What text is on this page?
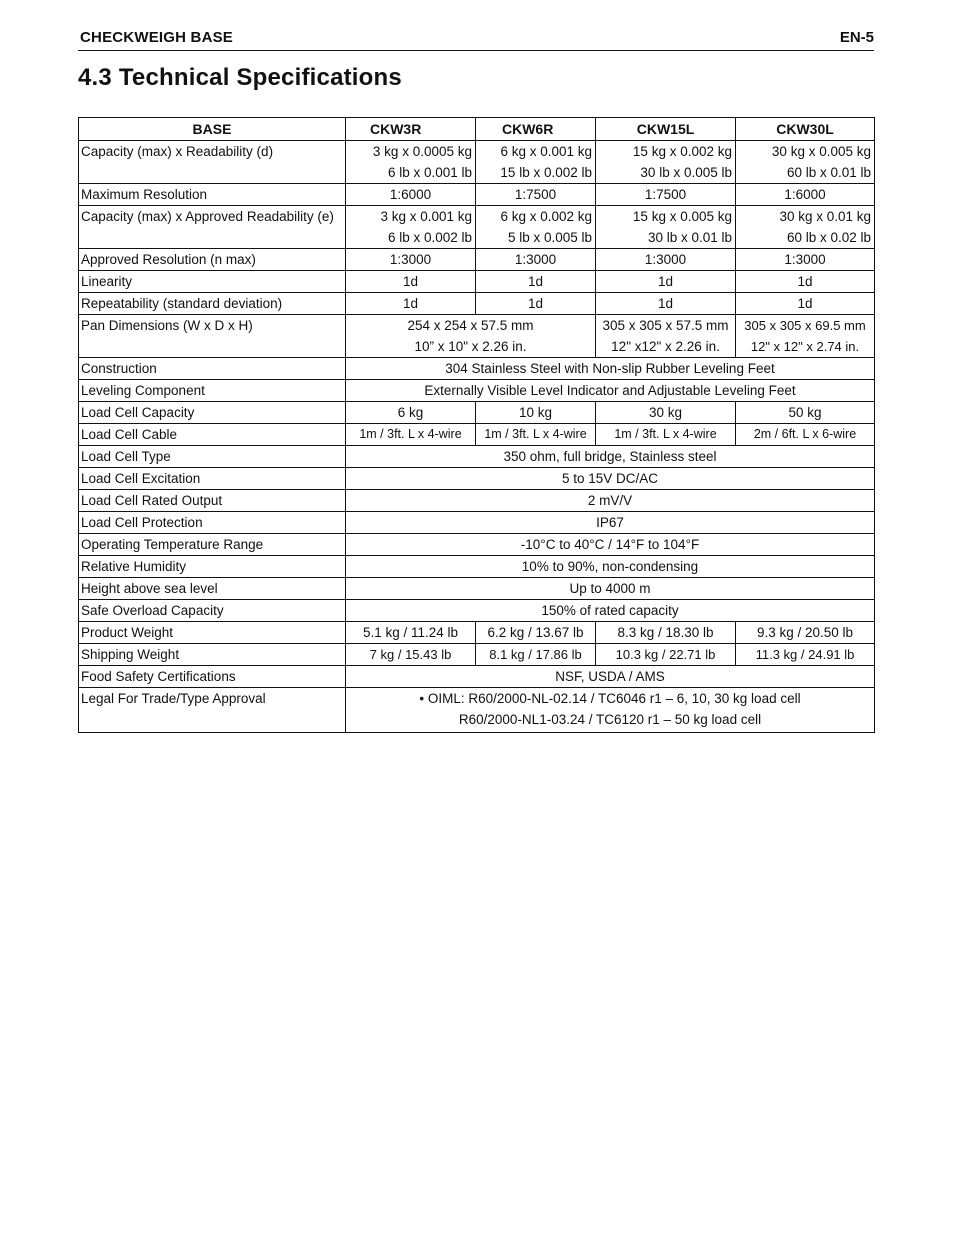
CHECKWEIGH BASE	EN-5
4.3 Technical Specifications
BASE	CKW3R	CKW6R	CKW15L	CKW30L
Capacity (max) x Readability (d)	3 kg x 0.0005 kg
6 lb x 0.001 lb	6 kg x 0.001 kg
15 lb x 0.002 lb	15 kg x 0.002 kg
30 lb x 0.005 lb	30 kg x 0.005 kg
60 lb x 0.01 lb

Maximum Resolution	1:6000	1:7500	1:7500	1:6000
Capacity (max) x Approved Readability (e)	3 kg x 0.001 kg
6 lb x 0.002 lb	6 kg x 0.002 kg
5 lb x 0.005 lb	15 kg x 0.005 kg
30 lb x 0.01 lb	30 kg x 0.01 kg
60 lb x 0.02 lb

Approved Resolution (n max)	1:3000	1:3000	1:3000	1:3000
Linearity	1d	1d	1d	1d
Repeatability (standard deviation)	1d	1d	1d	1d
Pan Dimensions (W x D x H)	254 x 254 x 57.5 mm
10” x 10" x 2.26 in.		305 x 305 x 57.5 mm
12" x12" x 2.26 in.	305 x 305 x 69.5 mm
12" x 12" x 2.74 in.

Construction	304 Stainless Steel with Non-slip Rubber Leveling Feet			
Leveling Component	Externally Visible Level Indicator and Adjustable Leveling Feet			
Load Cell Capacity	6 kg	10 kg	30 kg	50 kg
Load Cell Cable	1m / 3ft. L x 4-wire	1m / 3ft. L x 4-wire	1m / 3ft. L x 4-wire	2m / 6ft. L x 6-wire
Load Cell Type	350 ohm, full bridge, Stainless steel			
Load Cell Excitation	5 to 15V DC/AC			
Load Cell Rated Output	2 mV/V			
Load Cell Protection	IP67			
Operating Temperature Range	-10°C to 40°C / 14°F to 104°F			
Relative Humidity	10% to 90%, non-condensing			
Height above sea level	Up to 4000 m			
Safe Overload Capacity	150% of rated capacity			
Product Weight	5.1 kg / 11.24 lb	6.2 kg / 13.67 lb	8.3 kg / 18.30 lb	9.3 kg / 20.50 lb
Shipping Weight	7 kg / 15.43 lb	8.1 kg / 17.86 lb	10.3 kg / 22.71 lb	11.3 kg / 24.91 lb
Food Safety Certifications	NSF, USDA / AMS			
Legal For Trade/Type Approval	• OIML: R60/2000-NL-02.14 / TC6046 r1 – 6, 10, 30 kg load cell
R60/2000-NL1-03.24 / TC6120 r1 – 50 kg load cell			
